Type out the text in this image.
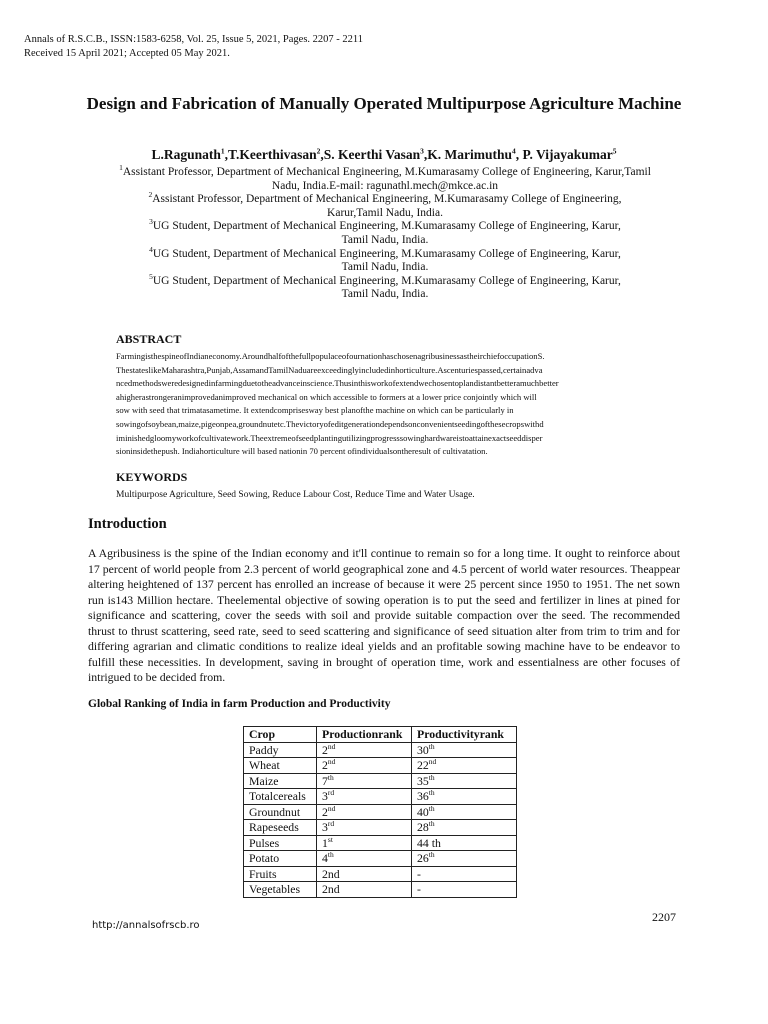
Annals of R.S.C.B., ISSN:1583-6258, Vol. 25, Issue 5, 2021, Pages. 2207 - 2211
Received 15 April 2021; Accepted 05 May 2021.
Design and Fabrication of Manually Operated Multipurpose Agriculture Machine
L.Ragunath$^1$,T.Keerthivasan$^2$,S. Keerthi Vasan$^3$,K. Marimuthu$^4$, P. Vijayakumar$^5$

$^1$Assistant Professor, Department of Mechanical Engineering, M.Kumarasamy College of Engineering, Karur,Tamil
Nadu, India.E-mail: ragunathl.mech@mkce.ac.in

$^2$Assistant Professor, Department of Mechanical Engineering, M.Kumarasamy College of Engineering,
Karur,Tamil Nadu, India.

$^3$UG Student, Department of Mechanical Engineering, M.Kumarasamy College of Engineering, Karur,
Tamil Nadu, India.

$^4$UG Student, Department of Mechanical Engineering, M.Kumarasamy College of Engineering, Karur,
Tamil Nadu, India.

$^5$UG Student, Department of Mechanical Engineering, M.Kumarasamy College of Engineering, Karur,
Tamil Nadu, India.

ABSTRACT
FarmingisthespineofIndianeconomy.AroundhalfofthefullpopulaceofournationhaschosenagribusinessastheirchiefoccupationS.
ThestateslikeMaharashtra,Punjab,AssamandTamilNaduareexceedinglyincludedinhorticulture.Ascenturiespassed,certainadva
ncedmethodsweredesignedinfarmingduetotheadvanceinscience.Thusinthisworkofextendwechosentoplandistantbetteramuchbetter
ahigherastrongeranimprovedanimproved mechanical on which accessible to formers at a lower price conjointly which will
sow with seed that trimatasametime. It extendcomprisesway best planofthe machine on which can be particularly in
sowingofsoybean,maize,pigeonpea,groundnutetc.Thevictoryofeditgenerationdependsonconvenientseedingofthesecropswithd
iminishedgloomyworkofcultivatework.Theextremeofseedplantingutilizingprogresssowinghardwareistoattainexactseeddisper
sioninsidethepush. Indiahorticulture will based nationin 70 percent ofindividualsontheresult of cultivatation.
KEYWORDS
Multipurpose Agriculture, Seed Sowing, Reduce Labour Cost, Reduce Time and Water Usage.
Introduction

A Agribusiness is the spine of the Indian economy and it'll continue to remain so for a long time. It ought to reinforce about 17 percent of world people from 2.3 percent of world geographical zone and 4.5 percent of world water resources. Theappear altering heightened of 137 percent has enrolled an increase of because it were 25 percent since 1950 to 1951. The net sown run is143 Million hectare. Theelemental objective of sowing operation is to put the seed and fertilizer in lines at pined for significance and scattering, cover the seeds with soil and provide suitable compaction over the seed. The recommended thrust to thrust scattering, seed rate, seed to seed scattering and significance of seed situation alter from trim to trim and for differing agrarian and climatic conditions to realize ideal yields and an profitable sowing machine have to be endeavor to fulfill these necessities. In development, saving in brought of operation time, work and essentialness are other focuses of intrigued to be decided from.

Global Ranking of India in farm Production and Productivity
Crop	Productionrank	Productivityrank
Paddy	2nd	30th
Wheat	2nd	22nd
Maize	7th	35th
Totalcereals	3rd	36th
Groundnut	2nd	40th
Rapeseeds	3rd	28th
Pulses	1st	44 th
Potato	4th	26th
Fruits	2nd	-
Vegetables	2nd	-
http://annalsofrscb.ro
2207
